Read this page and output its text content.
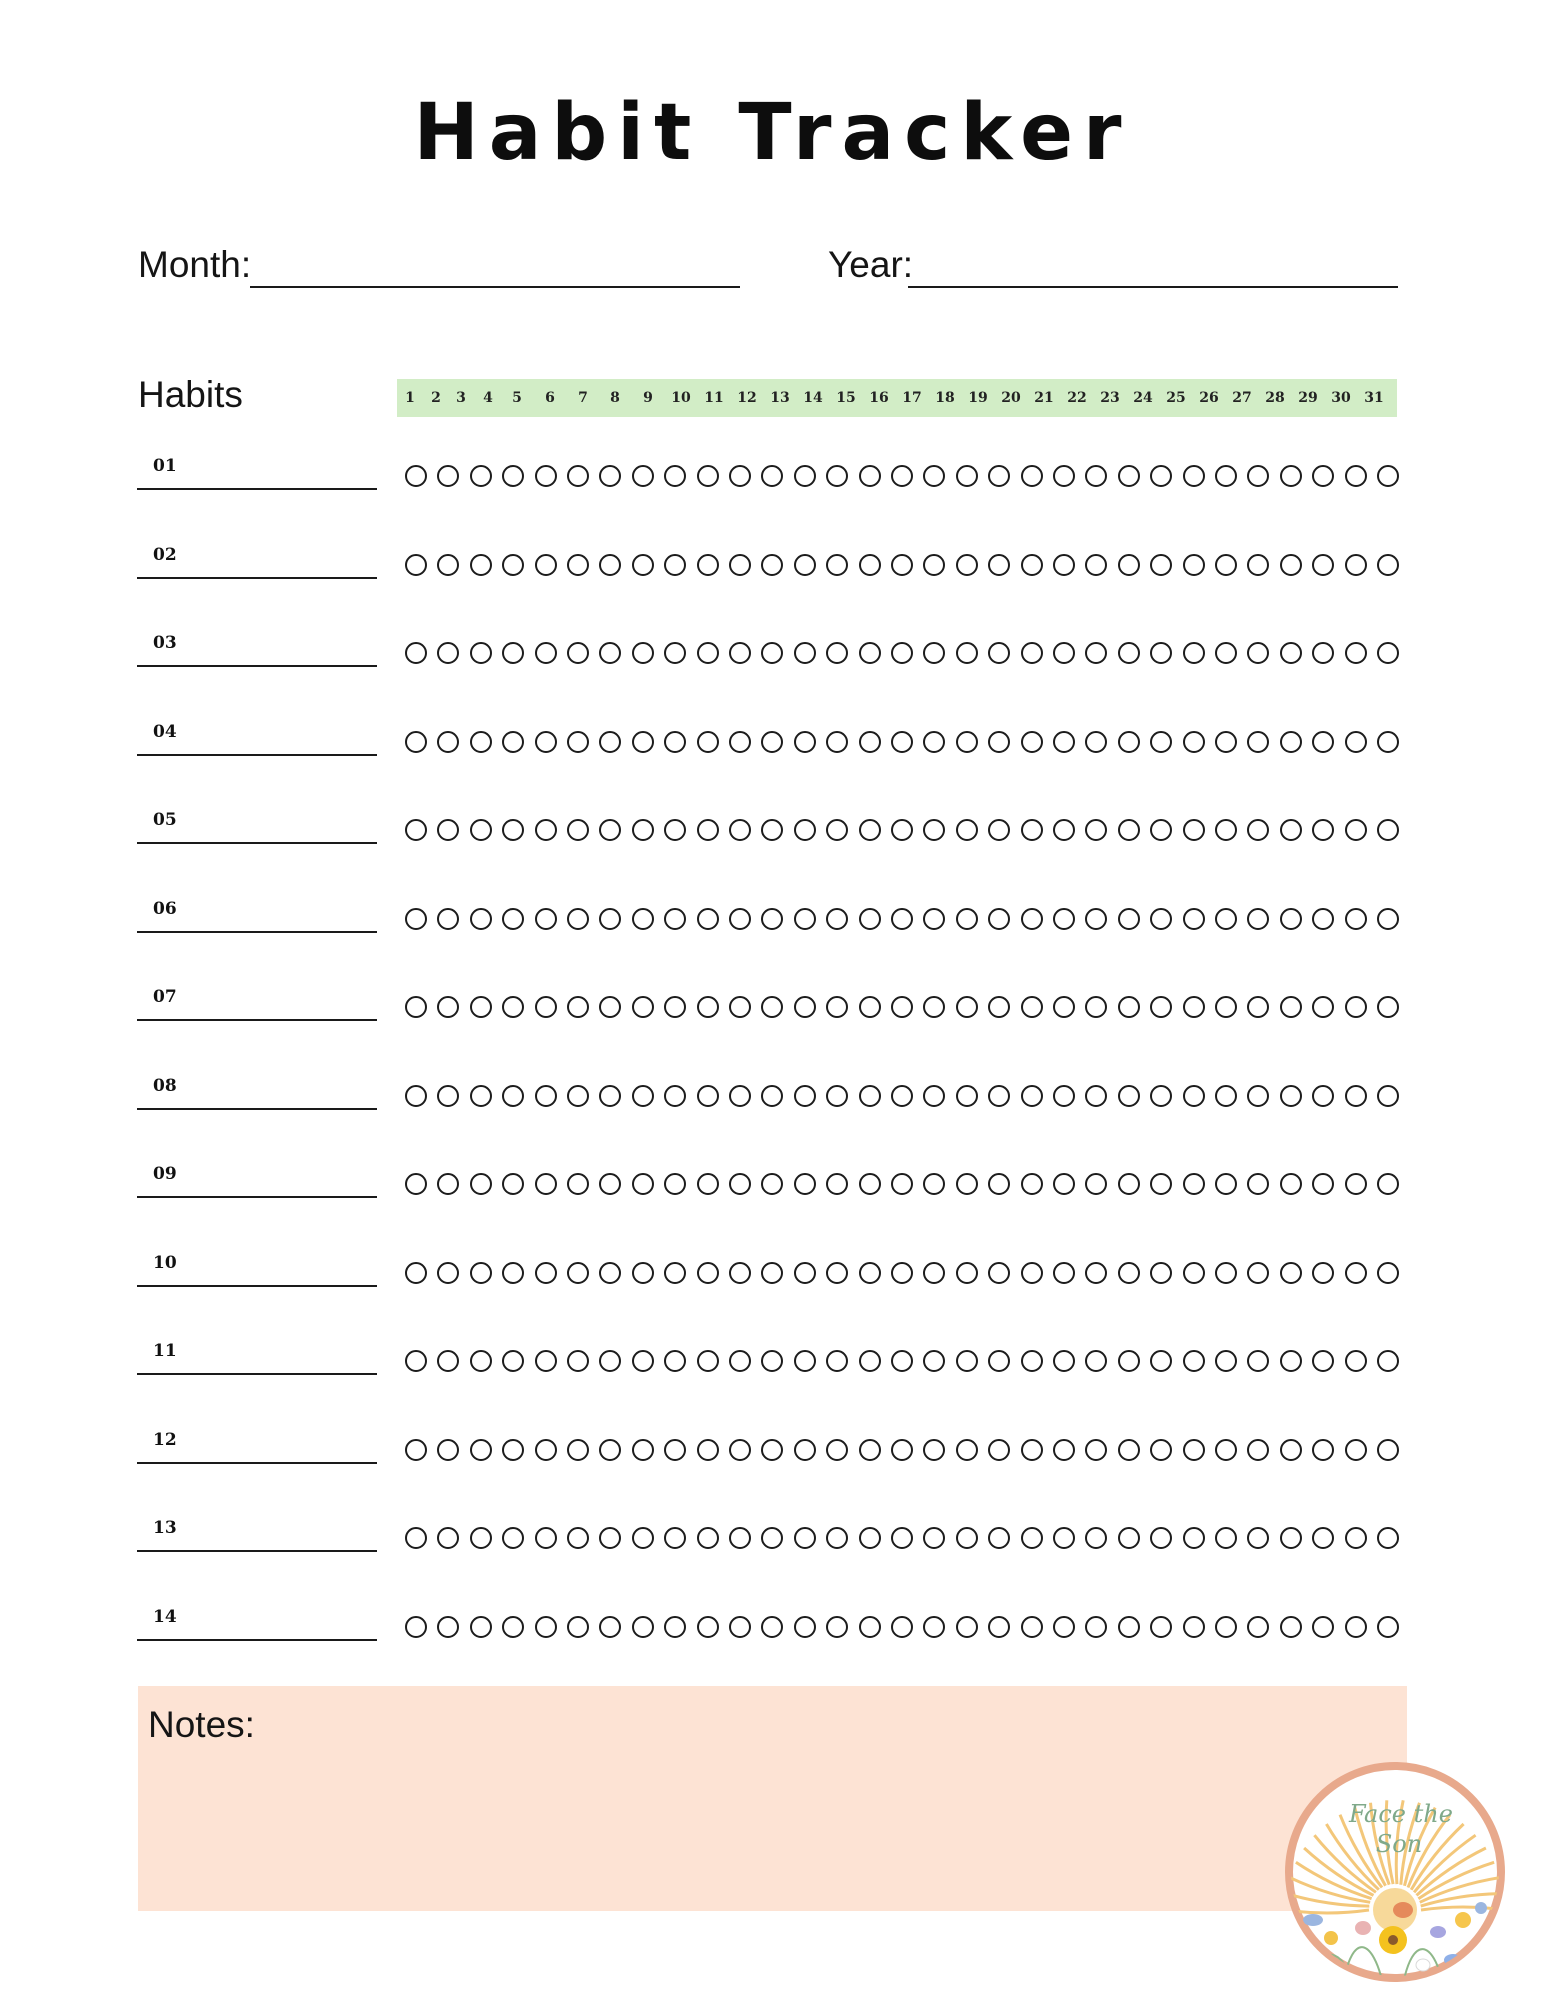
Habit Tracker
Month:	Year:
Habits	1	2	3	4	5	6	7	8	9	10 11 12 13 14 15 16 17 18 19 20 21 22 23 24 25 26 27 28 29 30 31
01
02
03
04
05
06
07
08
09
10
11
12
13
14
Notes:
Face the
Son
